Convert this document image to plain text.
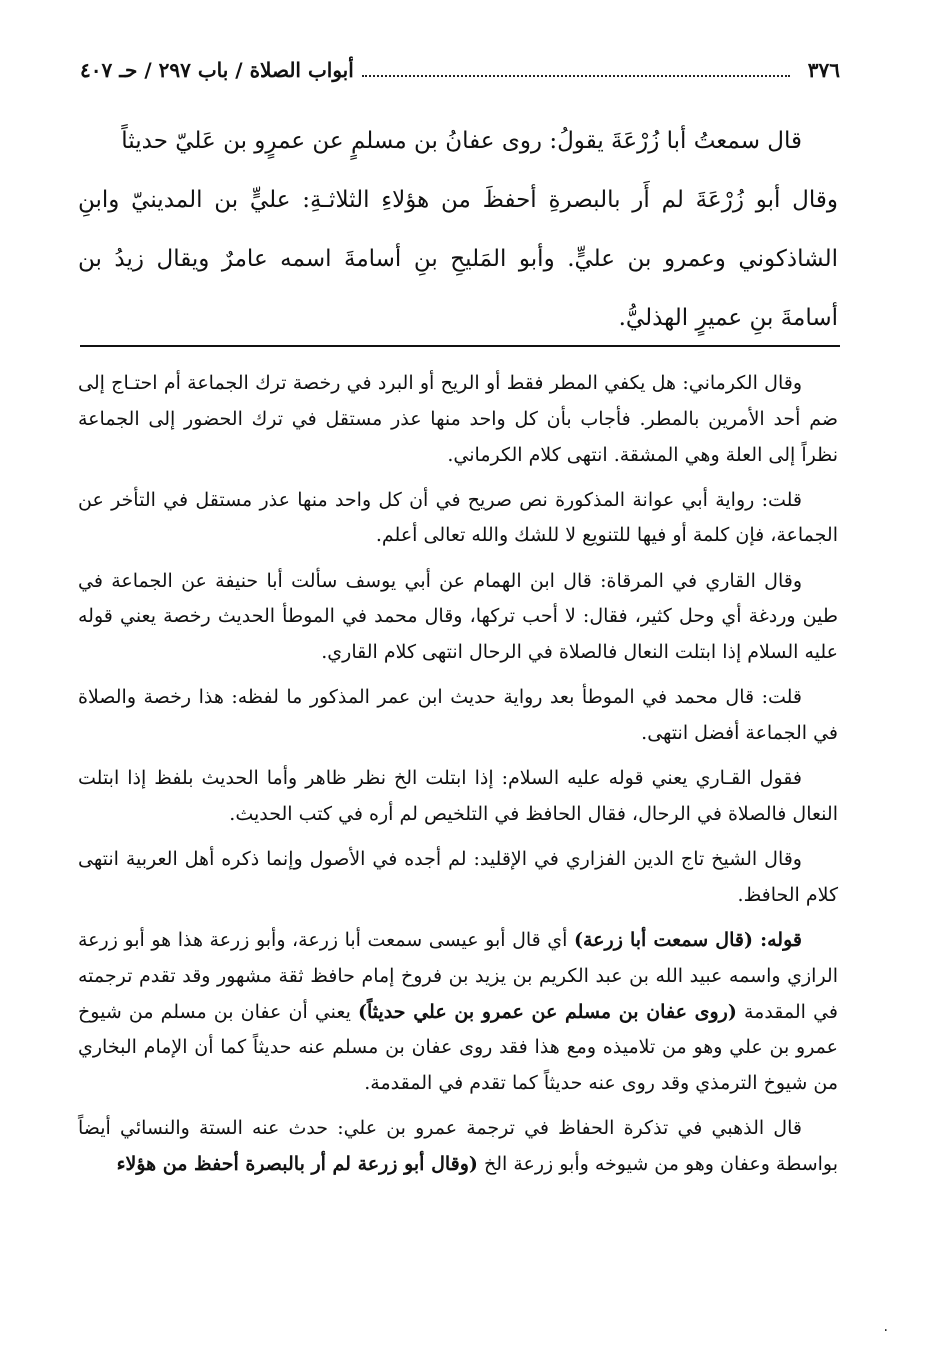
٣٧٦
أبواب الصلاة / باب ٢٩٧ / حـ ٤٠٧

قال سمعتُ أبا زُرْعَةَ يقولُ: روى عفانُ بن مسلمٍ عن عمرٍو بن عَليّ حديثاً

وقال أبو زُرْعَةَ لم أَر بالبصرةِ أحفظَ من هؤلاءِ الثلاثـةِ: عليٍّ بن المدينيّ وابنِ الشاذكوني وعمرو بن عليٍّ. وأبو المَليحِ بنِ أسامةَ اسمه عامرٌ ويقال زيدُ بن أسامةَ بنِ عميرٍ الهذليُّ.

وقال الكرماني: هل يكفي المطر فقط أو الريح أو البرد في رخصة ترك الجماعة أم احتـاج إلى ضم أحد الأمرين بالمطر. فأجاب بأن كل واحد منها عذر مستقل في ترك الحضور إلى الجماعة نظراً إلى العلة وهي المشقة. انتهى كلام الكرماني.

قلت: رواية أبي عوانة المذكورة نص صريح في أن كل واحد منها عذر مستقل في التأخر عن الجماعة، فإن كلمة أو فيها للتنويع لا للشك والله تعالى أعلم.

وقال القاري في المرقاة: قال ابن الهمام عن أبي يوسف سألت أبا حنيفة عن الجماعة في طين وردغة أي وحل كثير، فقال: لا أحب تركها، وقال محمد في الموطأ الحديث رخصة يعني قوله عليه السلام إذا ابتلت النعال فالصلاة في الرحال انتهى كلام القاري.

قلت: قال محمد في الموطأ بعد رواية حديث ابن عمر المذكور ما لفظه: هذا رخصة والصلاة في الجماعة أفضل انتهى.

فقول القـاري يعني قوله عليه السلام: إذا ابتلت الخ نظر ظاهر وأما الحديث بلفظ إذا ابتلت النعال فالصلاة في الرحال، فقال الحافظ في التلخيص لم أره في كتب الحديث.

وقال الشيخ تاج الدين الفزاري في الإقليد: لم أجده في الأصول وإنما ذكره أهل العربية انتهى كلام الحافظ.

قوله: (قال سمعت أبا زرعة) أي قال أبو عيسى سمعت أبا زرعة، وأبو زرعة هذا هو أبو زرعة الرازي واسمه عبيد الله بن عبد الكريم بن يزيد بن فروخ إمام حافظ ثقة مشهور وقد تقدم ترجمته في المقدمة (روى عفان بن مسلم عن عمرو بن علي حديثاً) يعني أن عفان بن مسلم من شيوخ عمرو بن علي وهو من تلاميذه ومع هذا فقد روى عفان بن مسلم عنه حديثاً كما أن الإمام البخاري من شيوخ الترمذي وقد روى عنه حديثاً كما تقدم في المقدمة.

قال الذهبي في تذكرة الحفاظ في ترجمة عمرو بن علي: حدث عنه الستة والنسائي أيضاً بواسطة وعفان وهو من شيوخه وأبو زرعة الخ (وقال أبو زرعة لم أر بالبصرة أحفظ من هؤلاء

٠
